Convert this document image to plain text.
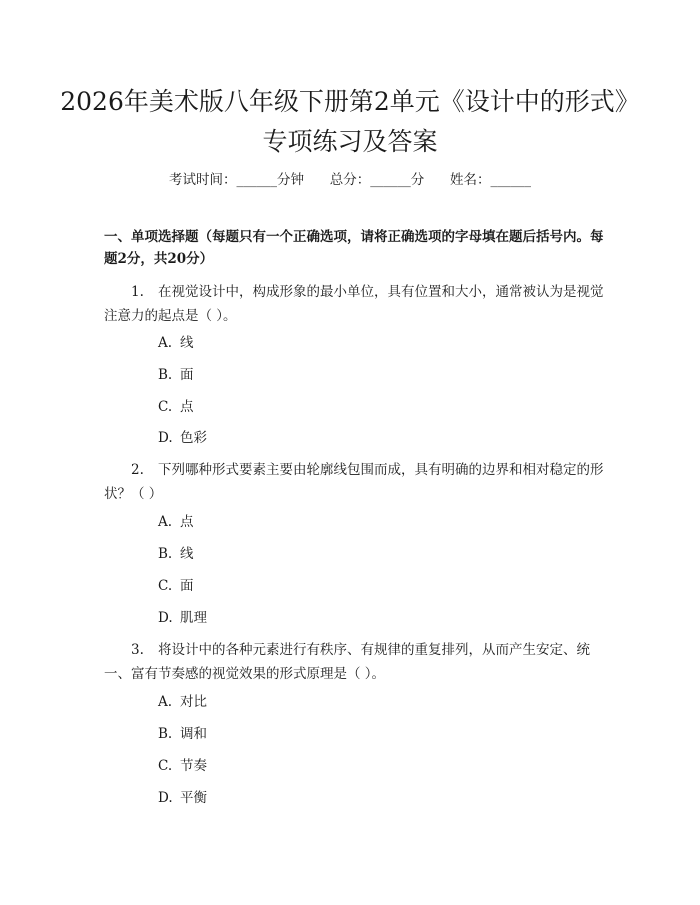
2026年美术版八年级下册第2单元《设计中的形式》专项练习及答案
考试时间：______分钟      总分：______分      姓名：______
一、单项选择题（每题只有一个正确选项，请将正确选项的字母填在题后括号内。每题2分，共20分）
1. 在视觉设计中，构成形象的最小单位，具有位置和大小，通常被认为是视觉注意力的起点是（ ）。
A. 线
B. 面
C. 点
D. 色彩
2. 下列哪种形式要素主要由轮廓线包围而成，具有明确的边界和相对稳定的形状？（ ）
A. 点
B. 线
C. 面
D. 肌理
3. 将设计中的各种元素进行有秩序、有规律的重复排列，从而产生安定、统一、富有节奏感的视觉效果的形式原理是（ ）。
A. 对比
B. 调和
C. 节奏
D. 平衡
